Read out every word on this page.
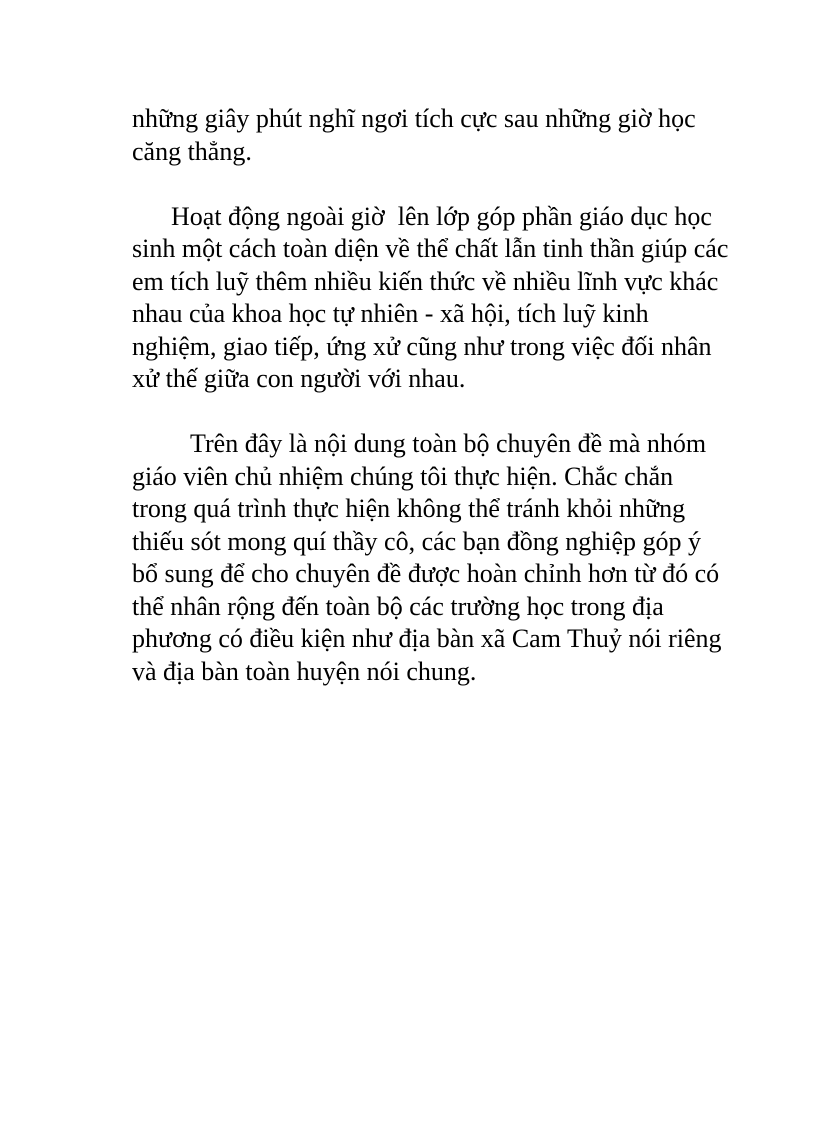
những giây phút nghĩ ngơi tích cực sau những giờ học
căng thẳng.

Hoạt động ngoài giờ  lên lớp góp phần giáo dục học
sinh một cách toàn diện về thể chất lẫn tinh thần giúp các
em tích luỹ thêm nhiều kiến thức về nhiều lĩnh vực khác
nhau của khoa học tự nhiên - xã hội, tích luỹ kinh
nghiệm, giao tiếp, ứng xử cũng như trong việc đối nhân
xử thế giữa con người với nhau.

Trên đây là nội dung toàn bộ chuyên đề mà nhóm
giáo viên chủ nhiệm chúng tôi thực hiện. Chắc chắn
trong quá trình thực hiện không thể tránh khỏi những
thiếu sót mong quí thầy cô, các bạn đồng nghiệp góp ý
bổ sung để cho chuyên đề được hoàn chỉnh hơn từ đó có
thể nhân rộng đến toàn bộ các trường học trong địa
phương có điều kiện như địa bàn xã Cam Thuỷ nói riêng
và địa bàn toàn huyện nói chung.
